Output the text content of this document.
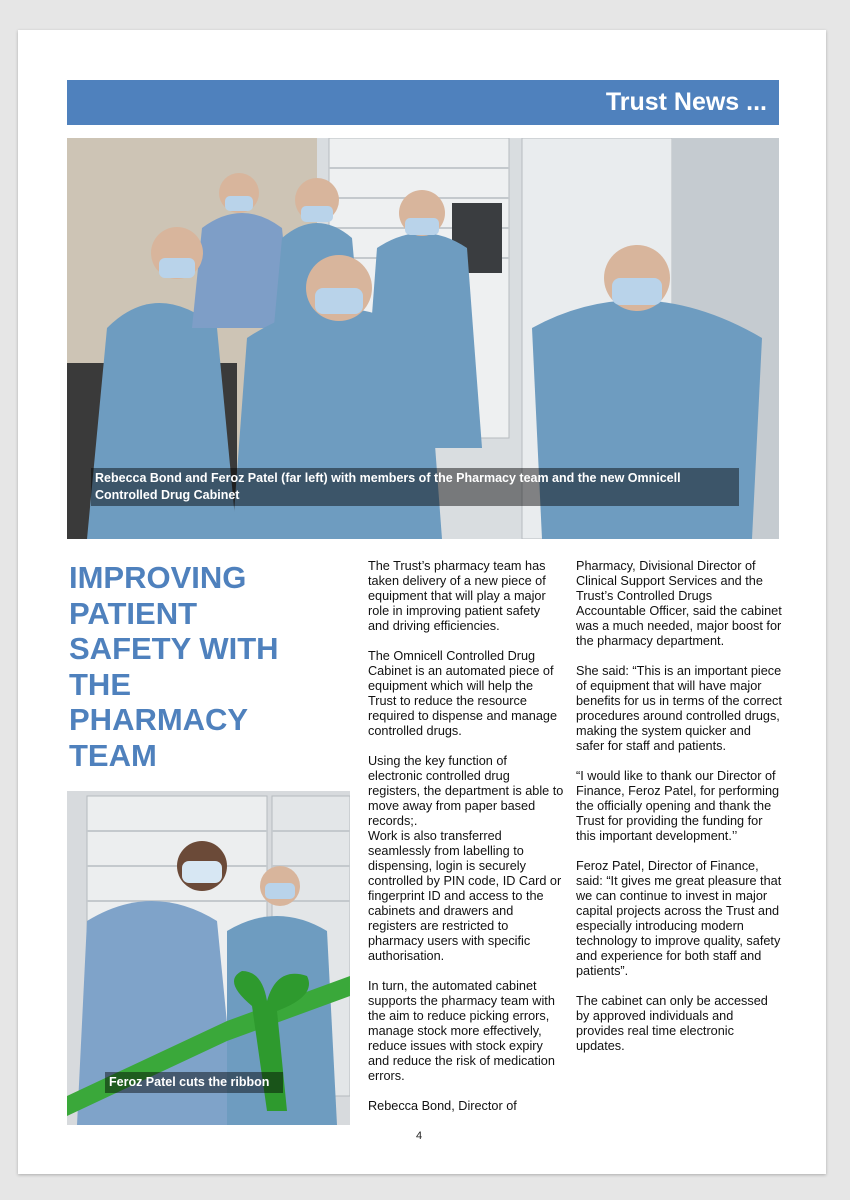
Trust News ...
Rebecca Bond and Feroz Patel (far left) with members of the Pharmacy team and the new Omnicell Controlled Drug Cabinet
IMPROVING PATIENT SAFETY WITH THE PHARMACY TEAM
Feroz Patel cuts the ribbon

The Trust’s pharmacy team has taken delivery of a new piece of equipment that will play a major role in improving patient safety and driving efficiencies.

The Omnicell Controlled Drug Cabinet is an automated piece of equipment which will help the Trust to reduce the resource required to dispense and manage controlled drugs.

Using the key function of electronic controlled drug registers, the department is able to move away from paper based records;.

Work is also transferred seamlessly from labelling to dispensing, login is securely controlled by PIN code, ID Card or fingerprint ID and access to the cabinets and drawers and registers are restricted to pharmacy users with specific authorisation.

In turn, the automated cabinet supports the pharmacy team with the aim to reduce picking errors, manage stock more effectively, reduce issues with stock expiry and reduce the risk of medication errors.

Rebecca Bond, Director of

Pharmacy, Divisional Director of Clinical Support Services and the Trust’s Controlled Drugs Accountable Officer, said the cabinet was a much needed, major boost for the pharmacy department.

She said: “This is an important piece of equipment that will have major benefits for us in terms of the correct procedures around controlled drugs, making the system quicker and safer for staff and patients.

“I would like to thank our Director of Finance, Feroz Patel, for performing the officially opening and thank the Trust for providing the funding for this important development.’’

Feroz Patel, Director of Finance, said: “It gives me great pleasure that we can continue to invest in major capital projects across the Trust and especially introducing modern technology to improve quality, safety and experience for both staff and patients”.

The cabinet can only be accessed by approved individuals and provides real time electronic updates.

4
